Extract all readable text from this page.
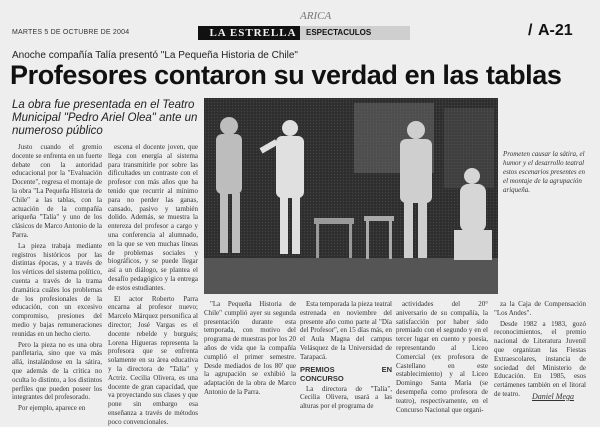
ARICA
MARTES 5 DE OCTUBRE DE 2004	LA ESTRELLA	ESPECTACULOS	/ A-21
Anoche compañía Talía presentó "La Pequeña Historia de Chile"
Profesores contaron su verdad en las tablas
La obra fue presentada en el Teatro Municipal "Pedro Ariel Olea" ante un numeroso público

Justo cuando el gremio docente se enfrenta en un fuerte debate con la autoridad educacional por la "Evaluación Docente", regresa el montaje de la obra "La Pequeña Historia de Chile" a las tablas, con la actuación de la compañía ariqueña "Talía" y uno de los clásicos de Marco Antonio de la Parra.

La pieza trabaja mediante registros históricos por las distintas épocas, y a través de los vértices del sistema político, cuenta a través de la trama dramática cuáles los problemas de los profesionales de la educación, con un excesivo compromiso, presiones del medio y bajas remuneraciones reunidas en un hecho cierto.

Pero la pieza no es una obra panfletaria, sino que va más allá, instalándose en la sátira, que además de la crítica no oculta lo distinto, a los distintos perfiles que pueden poseer los integrantes del profesorado.

Por ejemplo, aparece en

escena el docente joven, que llega con energía al sistema para transmitirle por sobre las dificultades un contraste con el profesor con más años que ha tenido que recurrir al mínimo para no perder las ganas, cansado, pasivo y también dolido. Además, se muestra la entereza del profesor a cargo y una conferencia al alumnado, en la que se ven muchas líneas de problemas sociales y biográficos, y se puede llegar así a un diálogo, se plantea el desafío pedagógico y la entrega de estos estudiantes.

El actor Roberto Parra encarna al profesor nuevo; Marcelo Márquez personifica al director; José Vargas es el docente rebelde y burgués; Lorena Higueras representa la profesora que se enfrenta solamente en su área educativa y la directora de "Talía" y Actriz. Cecilia Olivera, es una docente de gran capacidad, que va proyectando sus clases y que pone sin embargo esa enseñanza a través de métodos poco convencionales.

Prometen causar la sátira, el humor y el desarrollo teatral estos escenarios presentes en el montaje de la agrupación ariqueña.

"La Pequeña Historia de Chile" cumplió ayer su segunda presentación durante esta temporada, con motivo del programa de muestras por los 20 años de vida que la compañía cumplió el primer semestre. Desde mediados de los 80' que la agrupación se exhibió la adaptación de la obra de Marco Antonio de la Parra.

Esta temporada la pieza teatral estrenada en noviembre del presente año como parte al "Día del Profesor", en 15 días más, en el Aula Magna del campus Velásquez de la Universidad de Tarapacá.

PREMIOS EN CONCURSO

La directora de "Talía", Cecilia Olivera, usará a las alturas por el programa de

actividades del 20° aniversario de su compañía, la satisfacción por haber sido premiado con el segundo y en el tercer lugar en cuento y poesía, representando al Liceo Comercial (ex profesora de Castellano en este establecimiento) y al Liceo Domingo Santa María (se desempeña como profesora de teatro), respectivamente, en el Concurso Nacional que organi-

za la Caja de Compensación "Los Andes".

Desde 1982 a 1983, gozó reconocimientos, el premio nacional de Literatura Juvenil que organizan las Fiestas Extraescolares, instancia de sociedad del Ministerio de Educación. En 1985, esos certámenes también en el litoral de teatro.	Daniel Mega
